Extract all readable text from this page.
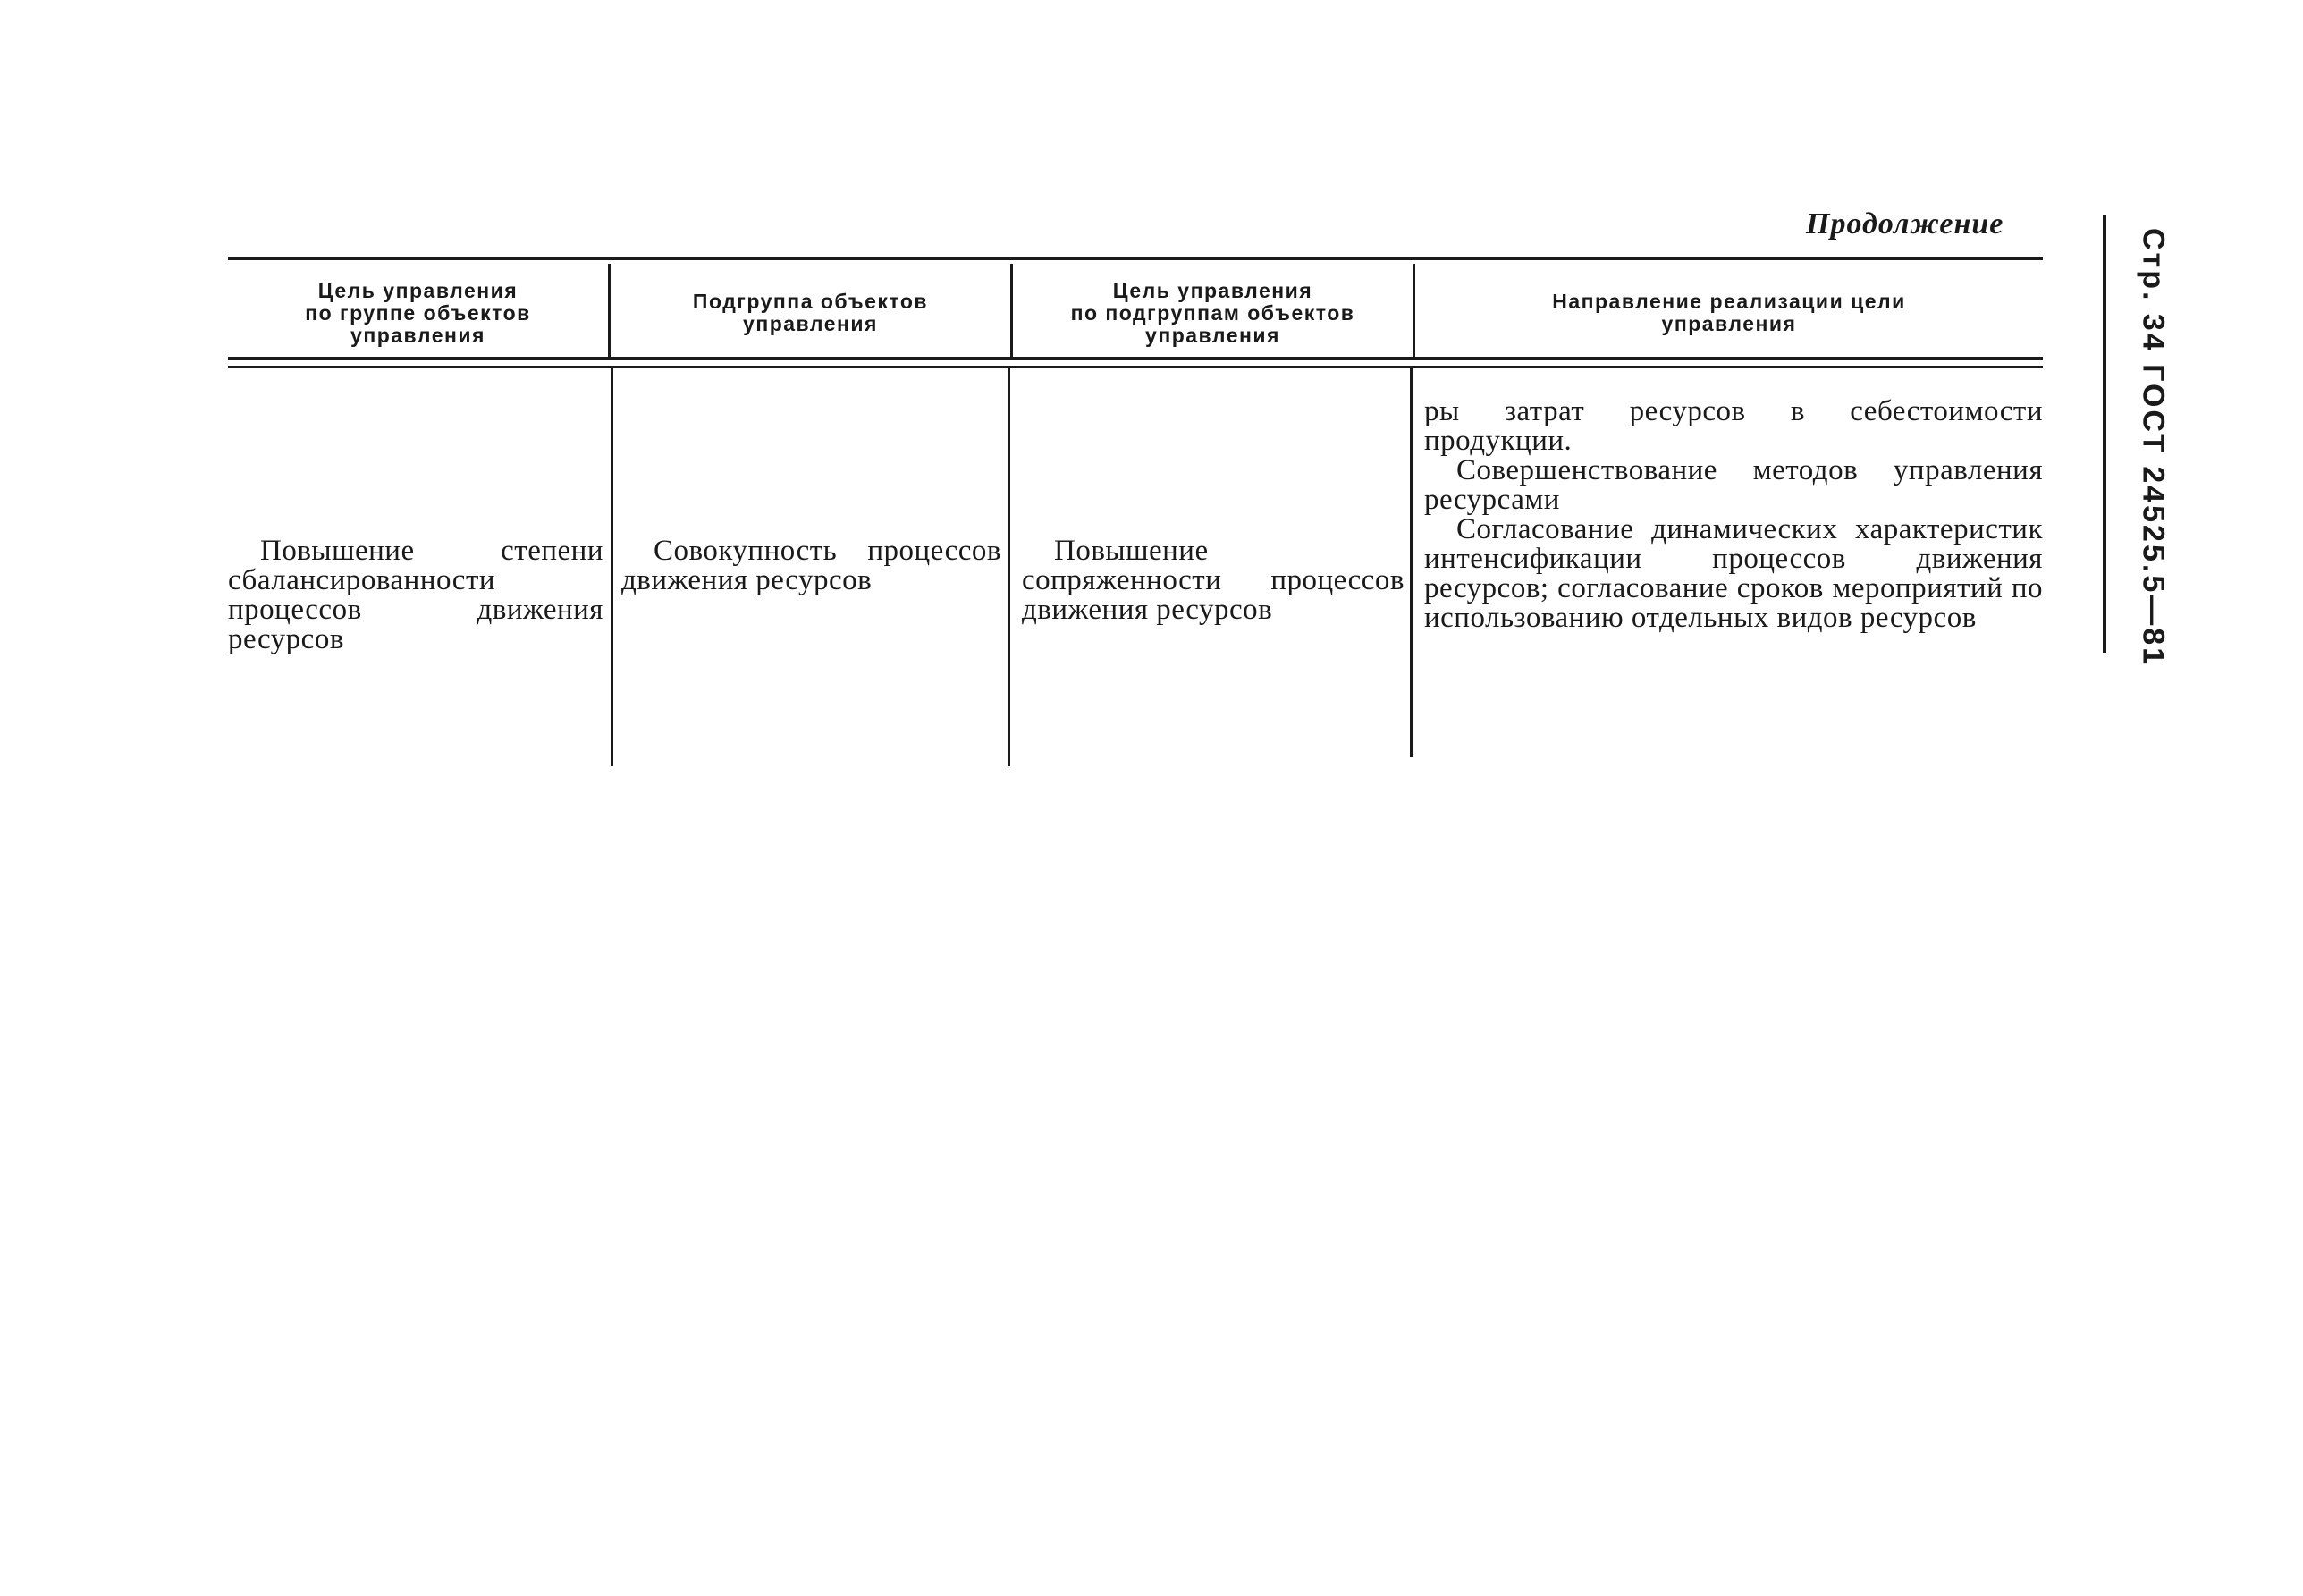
Продолжение
Цель управления
по группе объектов
управления
Подгруппа объектов
управления
Цель управления
по подгруппам объектов
управления
Направление реализации цели
управления

Повышение степени сбалансированности процессов движения ресурсов

Совокупность процессов движения ресурсов

Повышение сопряженности процессов движения ресурсов

ры затрат ресурсов в себестоимости продукции.

Совершенствование методов управления ресурсами

Согласование динамических характеристик интенсификации процессов движения ресурсов; согласование сроков мероприятий по использованию отдельных видов ресурсов	Стр. 34 ГОСТ 24525.5—81
